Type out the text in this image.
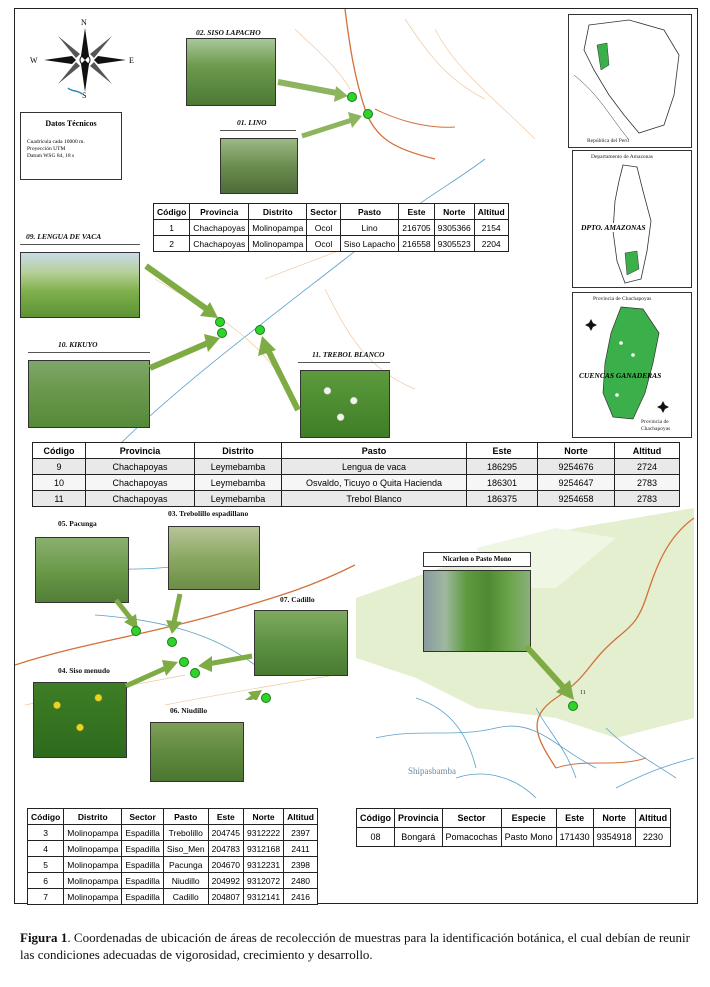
N
S
E
W
Datos Técnicos
Cuadrícula cada 10000 m.
Proyección UTM
Datum WSG 84, 18 s
02. SISO LAPACHO
01. LINO
Código	Provincia	Distrito	Sector	Pasto	Este	Norte	Altitud
1	Chachapoyas	Molinopampa	Ocol	Lino	216705	9305366	2154
2	Chachapoyas	Molinopampa	Ocol	Siso Lapacho	216558	9305523	2204
09. LENGUA DE VACA
10. KIKUYO
11. TREBOL BLANCO
República del Perú
Departamento de Amazonas
DPTO. AMAZONAS
Provincia de Chachapoyas
CUENCAS GANADERAS
Provincia de
Chachapoyas
Código	Provincia	Distrito	Pasto	Este	Norte	Altitud
9	Chachapoyas	Leymebamba	Lengua de vaca	186295	9254676	2724
10	Chachapoyas	Leymebamba	Osvaldo, Ticuyo o Quita Hacienda	186301	9254647	2783
11	Chachapoyas	Leymebamba	Trebol Blanco	186375	9254658	2783
05. Pacunga
03. Trebolillo espadillano
07. Cadillo
04. Siso menudo
06. Niudillo
Shipasbamba
11
Nicarlon o Pasto Mono
Código	Distrito	Sector	Pasto	Este	Norte	Altitud
3	Molinopampa	Espadilla	Trebolillo	204745	9312222	2397
4	Molinopampa	Espadilla	Siso_Men	204783	9312168	2411
5	Molinopampa	Espadilla	Pacunga	204670	9312231	2398
6	Molinopampa	Espadilla	Niudillo	204992	9312072	2480
7	Molinopampa	Espadilla	Cadillo	204807	9312141	2416
Código	Provincia	Sector	Especie	Este	Norte	Altitud
08	Bongará	Pomacochas	Pasto Mono	171430	9354918	2230
Figura 1. Coordenadas de ubicación de áreas de recolección de muestras para la identificación botánica, el cual debían de reunir las condiciones adecuadas de vigorosidad, crecimiento y desarrollo.
